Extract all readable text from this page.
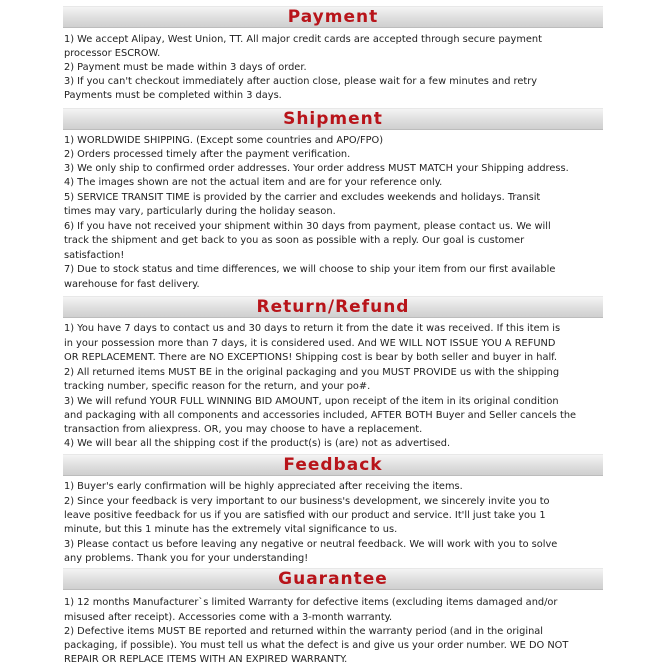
Payment
1) We accept Alipay, West Union, TT. All major credit cards are accepted through secure payment
processor ESCROW.
2) Payment must be made within 3 days of order.
3) If you can't checkout immediately after auction close, please wait for a few minutes and retry
Payments must be completed within 3 days.
Shipment
1) WORLDWIDE SHIPPING. (Except some countries and APO/FPO)
2) Orders processed timely after the payment verification.
3) We only ship to confirmed order addresses. Your order address MUST MATCH your Shipping address.
4) The images shown are not the actual item and are for your reference only.
5) SERVICE TRANSIT TIME is provided by the carrier and excludes weekends and holidays. Transit
times may vary, particularly during the holiday season.
6) If you have not received your shipment within 30 days from payment, please contact us. We will
track the shipment and get back to you as soon as possible with a reply. Our goal is customer
satisfaction!
7) Due to stock status and time differences, we will choose to ship your item from our first available
warehouse for fast delivery.
Return/Refund
1) You have 7 days to contact us and 30 days to return it from the date it was received. If this item is
in your possession more than 7 days, it is considered used. And WE WILL NOT ISSUE YOU A REFUND
OR REPLACEMENT. There are NO EXCEPTIONS! Shipping cost is bear by both seller and buyer in half.
2) All returned items MUST BE in the original packaging and you MUST PROVIDE us with the shipping
tracking number, specific reason for the return, and your po#.
3) We will refund YOUR FULL WINNING BID AMOUNT, upon receipt of the item in its original condition
and packaging with all components and accessories included, AFTER BOTH Buyer and Seller cancels the
transaction from aliexpress. OR, you may choose to have a replacement.
4) We will bear all the shipping cost if the product(s) is (are) not as advertised.
Feedback
1) Buyer's early confirmation will be highly appreciated after receiving the items.
2) Since your feedback is very important to our business's development, we sincerely invite you to
leave positive feedback for us if you are satisfied with our product and service. It'll just take you 1
minute, but this 1 minute has the extremely vital significance to us.
3) Please contact us before leaving any negative or neutral feedback. We will work with you to solve
any problems. Thank you for your understanding!
Guarantee
1) 12 months Manufacturer`s limited Warranty for defective items (excluding items damaged and/or
misused after receipt). Accessories come with a 3-month warranty.
2) Defective items MUST BE reported and returned within the warranty period (and in the original
packaging, if possible). You must tell us what the defect is and give us your order number. WE DO NOT
REPAIR OR REPLACE ITEMS WITH AN EXPIRED WARRANTY.
